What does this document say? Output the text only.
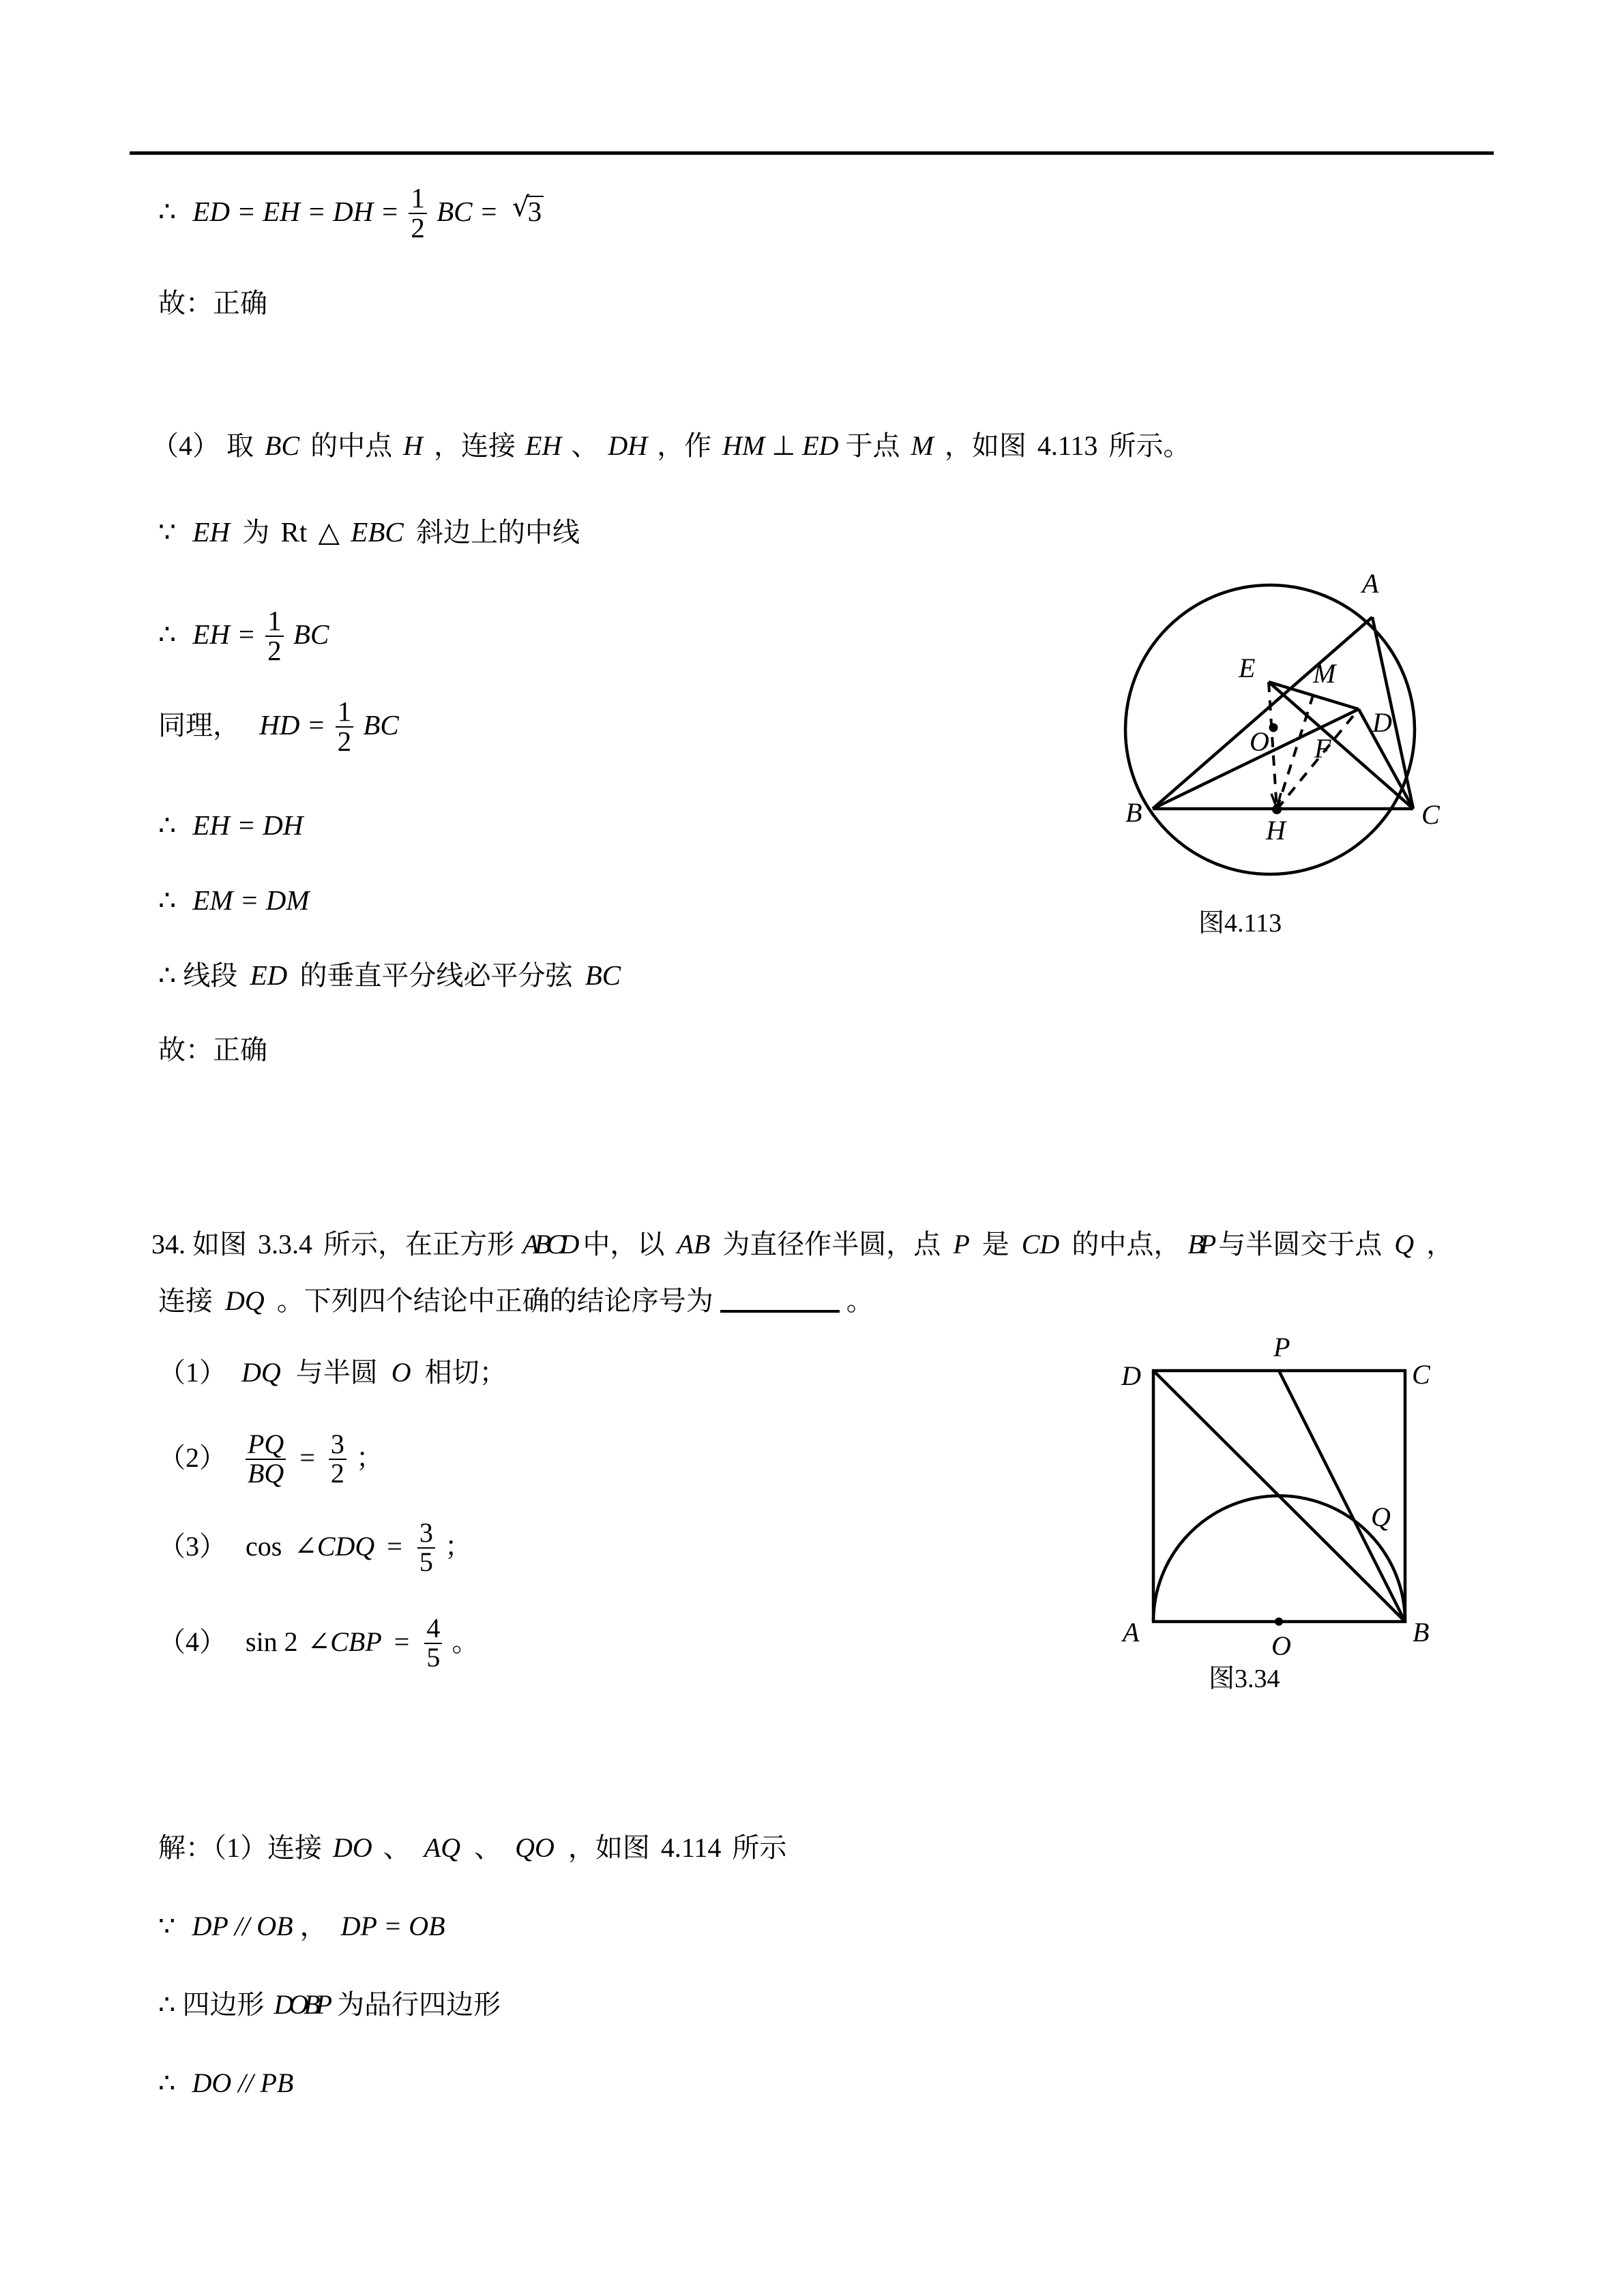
∴ ED = EH = DH = $\frac{1}{2}$ BC = √ 3
故：正确
（4） 取 BC 的中点 H ，连接 EH 、 DH ，作 HM ⊥ ED 于点 M ，如图 4.113 所示。
∵ EH 为 Rt △ EBC 斜边上的中线
∴ EH = $\frac{1}{2}$ BC
同理， HD = $\frac{1}{2}$ BC
∴ EH = DH
∴ EM = DM
∴ 线段 ED 的垂直平分线必平分弦 BC
故：正确
A
B	C
D
E
F
H
M
O
图4.113
34. 如图 3.3.4 所示，在正方形 ABCD 中，以 AB 为直径作半圆，点 P 是 CD 的中点， BP 与半圆交于点 Q ，
连接 DQ 。下列四个结论中正确的结论序号为	。
（1） DQ 与半圆 O 相切；
$(2) \frac{PQ}{BQ} = \frac{3}{2}$ ；
（3） cos ∠CDQ = $\frac{3}{5}$ ；
（4） sin 2 ∠CBP = $\frac{4}{5}$ 。
D	C
P
A	B
Q
O
图3.34
解：（1）连接 DO 、 AQ 、 QO ，如图 4.114 所示
∵ DP // OB ， DP = OB
∴ 四边形 DOBP 为品行四边形
∴ DO // PB
